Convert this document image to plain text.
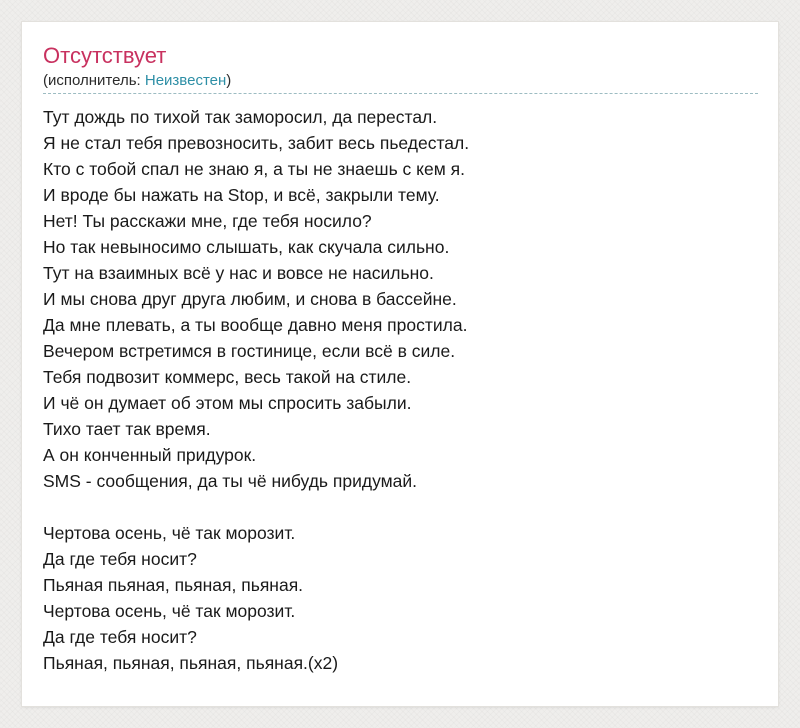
Отсутствует
(исполнитель: Неизвестен)
Тут дождь по тихой так заморосил, да перестал.
Я не стал тебя превозносить, забит весь пьедестал.
Кто с тобой спал не знаю я, а ты не знаешь с кем я.
И вроде бы нажать на Stop, и всё, закрыли тему.
Нет! Ты расскажи мне, где тебя носило?
Но так невыносимо слышать, как скучала сильно.
Тут на взаимных всё у нас и вовсе не насильно.
И мы снова друг друга любим, и снова в бассейне.
Да мне плевать, а ты вообще давно меня простила.
Вечером встретимся в гостинице, если всё в силе.
Тебя подвозит коммерс, весь такой на стиле.
И чё он думает об этом мы спросить забыли.
Тихо тает так время.
А он конченный придурок.
SMS - сообщения, да ты чё нибудь придумай.
Чертова осень, чё так морозит.
Да где тебя носит?
Пьяная пьяная, пьяная, пьяная.
Чертова осень, чё так морозит.
Да где тебя носит?
Пьяная, пьяная, пьяная, пьяная.(x2)
